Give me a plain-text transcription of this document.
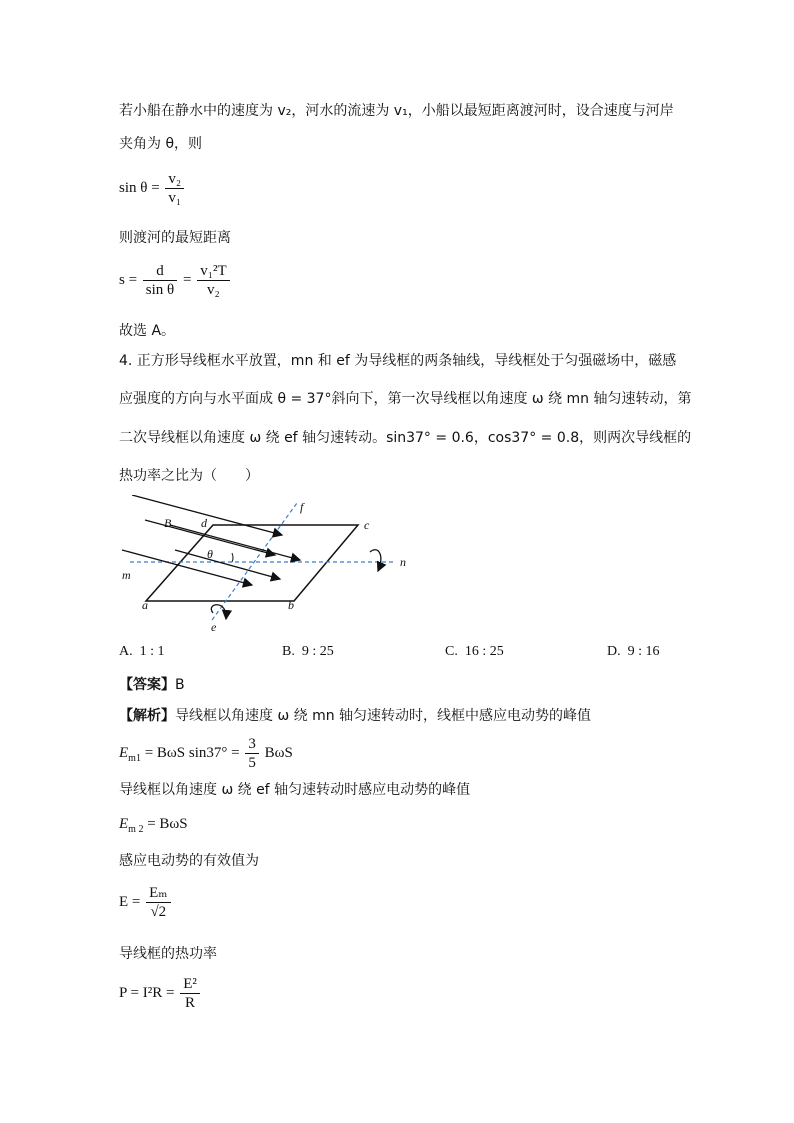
若小船在静水中的速度为 v₂，河水的流速为 v₁，小船以最短距离渡河时，设合速度与河岸
夹角为 θ，则
$\sin \theta = \frac{\text{v₂}}{\text{v₁}}$
则渡河的最短距离
$s = \frac{d}{\text{sin θ}} = \frac{\text{v₁²T}}{\text{v₂}}$
故选 A。
4. 正方形导线框水平放置，mn 和 ef 为导线框的两条轴线，导线框处于匀强磁场中，磁感
应强度的方向与水平面成 θ = 37°斜向下，第一次导线框以角速度 ω 绕 mn 轴匀速转动，第
二次导线框以角速度 ω 绕 ef 轴匀速转动。sin37° = 0.6，cos37° = 0.8，则两次导线框的
热功率之比为（　　）
B d	c
f
n
m
a	b
e
θ
A. 1 : 1	B. 9 : 25	C. 16 : 25	D. 9 : 16
【答案】B
【解析】导线框以角速度 ω 绕 mn 轴匀速转动时，线框中感应电动势的峰值
$E_{m1} = B\omega S$ $\sin 37^\circ = \frac{3}{5}$ BωS
导线框以角速度 ω 绕 ef 轴匀速转动时感应电动势的峰值
$E_{m 2} = B\omega S$
感应电动势的有效值为
$E = \frac{\text{Eₘ}}{√2}$
导线框的热功率
$P = I^2R = \frac{\text{E²}}{R}$
